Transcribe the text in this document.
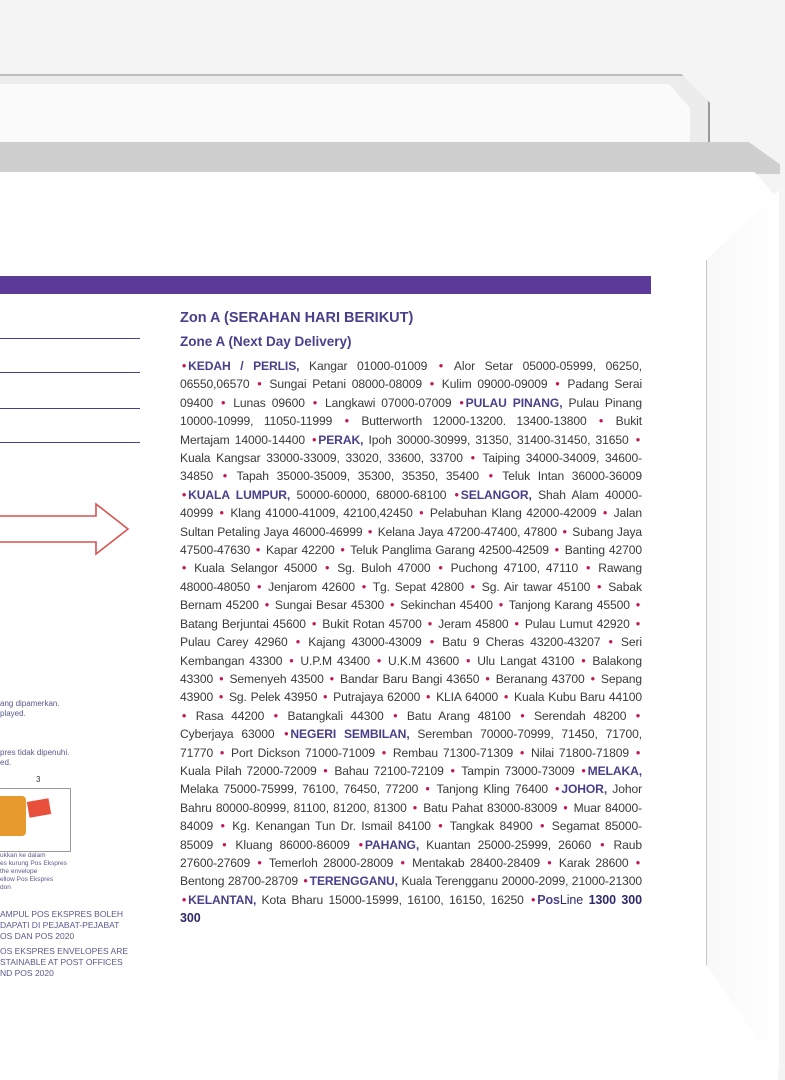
ang dipamerkan.
played.
pres tidak dipenuhi.
ed.
3
ukkan ke dalam
es kurung Pos Ekspres
the envelope
ellow Pos Ekspres
don
AMPUL POS EKSPRES BOLEH
DAPATI DI PEJABAT-PEJABAT
OS DAN POS 2020
OS EKSPRES ENVELOPES ARE
STAINABLE AT POST OFFICES
ND POS 2020
Zon A (SERAHAN HARI BERIKUT)
Zone A (Next Day Delivery)

• KEDAH / PERLIS, Kangar 01000-01009 • Alor Setar 05000-05999, 06250, 06550,06570 • Sungai Petani 08000-08009 • Kulim 09000-09009 • Padang Serai 09400 • Lunas 09600 • Langkawi 07000-07009 • PULAU PINANG, Pulau Pinang 10000-10999, 11050-11999 • Butterworth 12000-13200. 13400-13800 • Bukit Mertajam 14000-14400 • PERAK, Ipoh 30000-30999, 31350, 31400-31450, 31650 • Kuala Kangsar 33000-33009, 33020, 33600, 33700 • Taiping 34000-34009, 34600-34850 • Tapah 35000-35009, 35300, 35350, 35400 • Teluk Intan 36000-36009 • KUALA LUMPUR, 50000-60000, 68000-68100 • SELANGOR, Shah Alam 40000-40999 • Klang 41000-41009, 42100,42450 • Pelabuhan Klang 42000-42009 • Jalan Sultan Petaling Jaya 46000-46999 • Kelana Jaya 47200-47400, 47800 • Subang Jaya 47500-47630 • Kapar 42200 • Teluk Panglima Garang 42500-42509 • Banting 42700 • Kuala Selangor 45000 • Sg. Buloh 47000 • Puchong 47100, 47110 • Rawang 48000-48050 • Jenjarom 42600 • Tg. Sepat 42800 • Sg. Air tawar 45100 • Sabak Bernam 45200 • Sungai Besar 45300 • Sekinchan 45400 • Tanjong Karang 45500 • Batang Berjuntai 45600 • Bukit Rotan 45700 • Jeram 45800 • Pulau Lumut 42920 • Pulau Carey 42960 • Kajang 43000-43009 • Batu 9 Cheras 43200-43207 • Seri Kembangan 43300 • U.P.M 43400 • U.K.M 43600 • Ulu Langat 43100 • Balakong 43300 • Semenyeh 43500 • Bandar Baru Bangi 43650 • Beranang 43700 • Sepang 43900 • Sg. Pelek 43950 • Putrajaya 62000 • KLIA 64000 • Kuala Kubu Baru 44100 • Rasa 44200 • Batangkali 44300 • Batu Arang 48100 • Serendah 48200 • Cyberjaya 63000 • NEGERI SEMBILAN, Seremban 70000-70999, 71450, 71700, 71770 • Port Dickson 71000-71009 • Rembau 71300-71309 • Nilai 71800-71809 • Kuala Pilah 72000-72009 • Bahau 72100-72109 • Tampin 73000-73009 • MELAKA, Melaka 75000-75999, 76100, 76450, 77200 • Tanjong Kling 76400 • JOHOR, Johor Bahru 80000-80999, 81100, 81200, 81300 • Batu Pahat 83000-83009 • Muar 84000-84009 • Kg. Kenangan Tun Dr. Ismail 84100 • Tangkak 84900 • Segamat 85000-85009 • Kluang 86000-86009 • PAHANG, Kuantan 25000-25999, 26060 • Raub 27600-27609 • Temerloh 28000-28009 • Mentakab 28400-28409 • Karak 28600 • Bentong 28700-28709 • TERENGGANU, Kuala Terengganu 20000-2099, 21000-21300 • KELANTAN, Kota Bharu 15000-15999, 16100, 16150, 16250 • PosLine 1300 300 300
